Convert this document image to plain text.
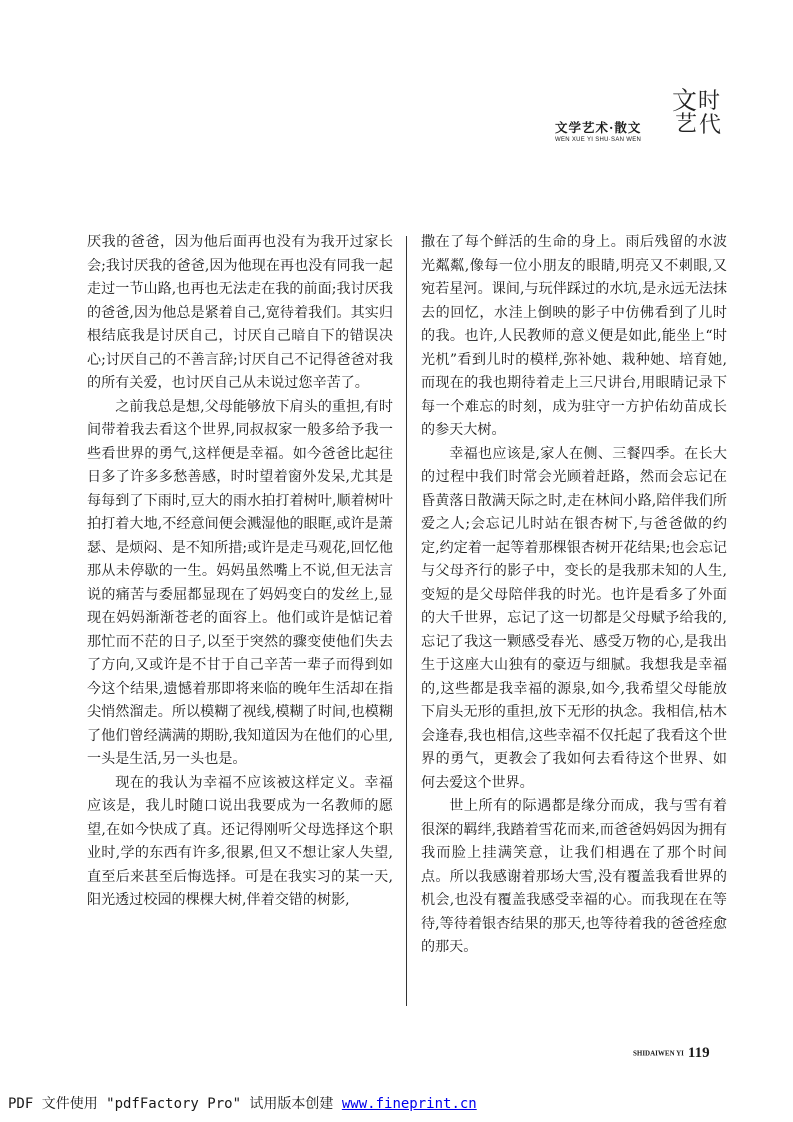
文学艺术·散文
WEN XUE YI SHU·SAN WEN
文 时
艺 代

厌我的爸爸，因为他后面再也没有为我开过家长会;我讨厌我的爸爸,因为他现在再也没有同我一起走过一节山路,也再也无法走在我的前面;我讨厌我的爸爸,因为他总是紧着自己,宽待着我们。其实归根结底我是讨厌自己，讨厌自己暗自下的错误决心;讨厌自己的不善言辞;讨厌自己不记得爸爸对我的所有关爱，也讨厌自己从未说过您辛苦了。

之前我总是想,父母能够放下肩头的重担,有时间带着我去看这个世界,同叔叔家一般多给予我一些看世界的勇气,这样便是幸福。如今爸爸比起往日多了许多多愁善感，时时望着窗外发呆,尤其是每每到了下雨时,豆大的雨水拍打着树叶,顺着树叶拍打着大地,不经意间便会溅湿他的眼眶,或许是萧瑟、是烦闷、是不知所措;或许是走马观花,回忆他那从未停歇的一生。妈妈虽然嘴上不说,但无法言说的痛苦与委屈都显现在了妈妈变白的发丝上,显现在妈妈渐渐苍老的面容上。他们或许是惦记着那忙而不茫的日子,以至于突然的骤变使他们失去了方向,又或许是不甘于自己辛苦一辈子而得到如今这个结果,遗憾着那即将来临的晚年生活却在指尖悄然溜走。所以模糊了视线,模糊了时间,也模糊了他们曾经满满的期盼,我知道因为在他们的心里,一头是生活,另一头也是。

现在的我认为幸福不应该被这样定义。幸福应该是，我儿时随口说出我要成为一名教师的愿望,在如今快成了真。还记得刚听父母选择这个职业时,学的东西有许多,很累,但又不想让家人失望,直至后来甚至后悔选择。可是在我实习的某一天,阳光透过校园的棵棵大树,伴着交错的树影,

撒在了每个鲜活的生命的身上。雨后残留的水波光粼粼,像每一位小朋友的眼睛,明亮又不刺眼,又宛若星河。课间,与玩伴踩过的水坑,是永远无法抹去的回忆，水洼上倒映的影子中仿佛看到了儿时的我。也许,人民教师的意义便是如此,能坐上“时光机”看到儿时的模样,弥补她、栽种她、培育她,而现在的我也期待着走上三尺讲台,用眼睛记录下每一个难忘的时刻，成为驻守一方护佑幼苗成长的参天大树。

幸福也应该是,家人在侧、三餐四季。在长大的过程中我们时常会光顾着赶路，然而会忘记在昏黄落日散满天际之时,走在林间小路,陪伴我们所爱之人;会忘记儿时站在银杏树下,与爸爸做的约定,约定着一起等着那棵银杏树开花结果;也会忘记与父母齐行的影子中，变长的是我那未知的人生,变短的是父母陪伴我的时光。也许是看多了外面的大千世界，忘记了这一切都是父母赋予给我的,忘记了我这一颗感受春光、感受万物的心,是我出生于这座大山独有的豪迈与细腻。我想我是幸福的,这些都是我幸福的源泉,如今,我希望父母能放下肩头无形的重担,放下无形的执念。我相信,枯木会逢春,我也相信,这些幸福不仅托起了我看这个世界的勇气，更教会了我如何去看待这个世界、如何去爱这个世界。

世上所有的际遇都是缘分而成，我与雪有着很深的羁绊,我踏着雪花而来,而爸爸妈妈因为拥有我而脸上挂满笑意，让我们相遇在了那个时间点。所以我感谢着那场大雪,没有覆盖我看世界的机会,也没有覆盖我感受幸福的心。而我现在在等待,等待着银杏结果的那天,也等待着我的爸爸痊愈的那天。

SHIDAIWEN YI 119
PDF 文件使用 "pdfFactory Pro" 试用版本创建 www.fineprint.cn
